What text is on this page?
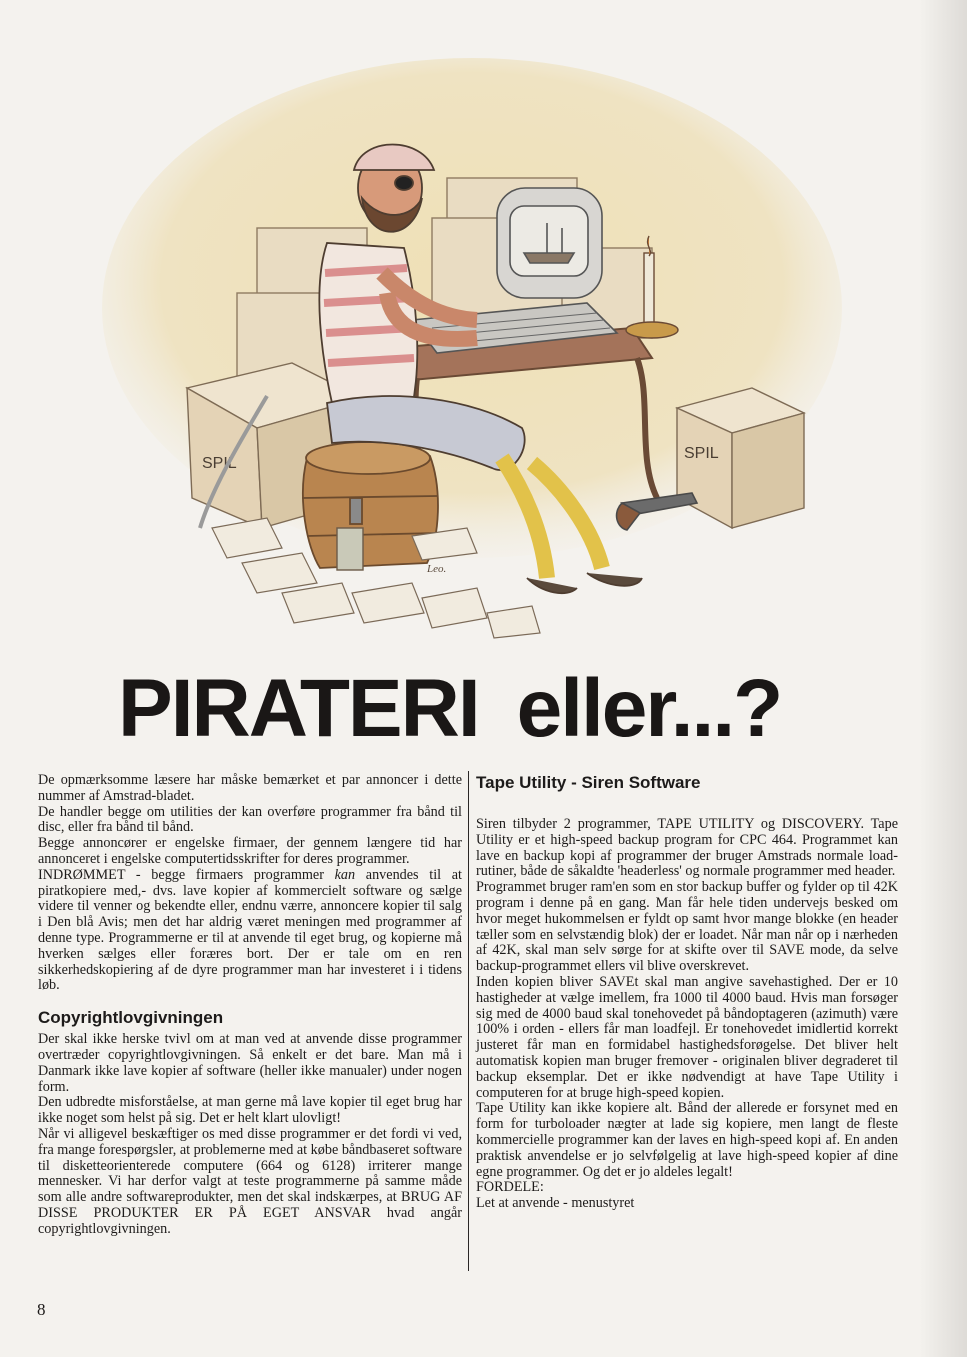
SPIL
SPIL
Leo.
PIRATERI eller...?

De opmærksomme læsere har måske bemærket et par annoncer i dette nummer af Amstrad-bladet.

De handler begge om utilities der kan overføre programmer fra bånd til disc, eller fra bånd til bånd.

Begge annoncører er engelske firmaer, der gennem længere tid har annonceret i engelske computertidsskrifter for deres programmer.

INDRØMMET - begge firmaers programmer kan anvendes til at piratkopiere med,- dvs. lave kopier af kommercielt software og sælge videre til venner og bekendte eller, endnu værre, annoncere kopier til salg i Den blå Avis; men det har aldrig været meningen med programmer af denne type. Programmerne er til at anvende til eget brug, og kopierne må hverken sælges eller foræres bort. Der er tale om en ren sikkerhedskopiering af de dyre programmer man har investeret i i tidens løb.

Copyrightlovgivningen

Der skal ikke herske tvivl om at man ved at anvende disse programmer overtræder copyrightlovgivningen. Så enkelt er det bare. Man må i Danmark ikke lave kopier af software (heller ikke manualer) under nogen form.

Den udbredte misforståelse, at man gerne må lave kopier til eget brug har ikke noget som helst på sig. Det er helt klart ulovligt!

Når vi alligevel beskæftiger os med disse programmer er det fordi vi ved, fra mange forespørgsler, at problemerne med at købe båndbaseret software til disketteorienterede computere (664 og 6128) irriterer mange mennesker. Vi har derfor valgt at teste programmerne på samme måde som alle andre softwareprodukter, men det skal indskærpes, at BRUG AF DISSE PRODUKTER ER PÅ EGET ANSVAR hvad angår copyrightlovgivningen.

Tape Utility - Siren Software

Siren tilbyder 2 programmer, TAPE UTILITY og DISCOVERY. Tape Utility er et high-speed backup program for CPC 464. Programmet kan lave en backup kopi af programmer der bruger Amstrads normale load-rutiner, både de såkaldte 'headerless' og normale programmer med header.

Programmet bruger ram'en som en stor backup buffer og fylder op til 42K program i denne på en gang. Man får hele tiden undervejs besked om hvor meget hukommelsen er fyldt op samt hvor mange blokke (en header tæller som en selvstændig blok) der er loadet. Når man når op i nærheden af 42K, skal man selv sørge for at skifte over til SAVE mode, da selve backup-programmet ellers vil blive overskrevet.

Inden kopien bliver SAVEt skal man angive savehastighed. Der er 10 hastigheder at vælge imellem, fra 1000 til 4000 baud. Hvis man forsøger sig med de 4000 baud skal tonehovedet på båndoptageren (azimuth) være 100% i orden - ellers får man loadfejl. Er tonehovedet imidlertid korrekt justeret får man en formidabel hastighedsforøgelse. Det bliver helt automatisk kopien man bruger fremover - originalen bliver degraderet til backup eksemplar. Det er ikke nødvendigt at have Tape Utility i computeren for at bruge high-speed kopien.

Tape Utility kan ikke kopiere alt. Bånd der allerede er forsynet med en form for turboloader nægter at lade sig kopiere, men langt de fleste kommercielle programmer kan der laves en high-speed kopi af. En anden praktisk anvendelse er jo selvfølgelig at lave high-speed kopier af dine egne programmer. Og det er jo aldeles legalt!

FORDELE:

Let at anvende - menustyret

8
